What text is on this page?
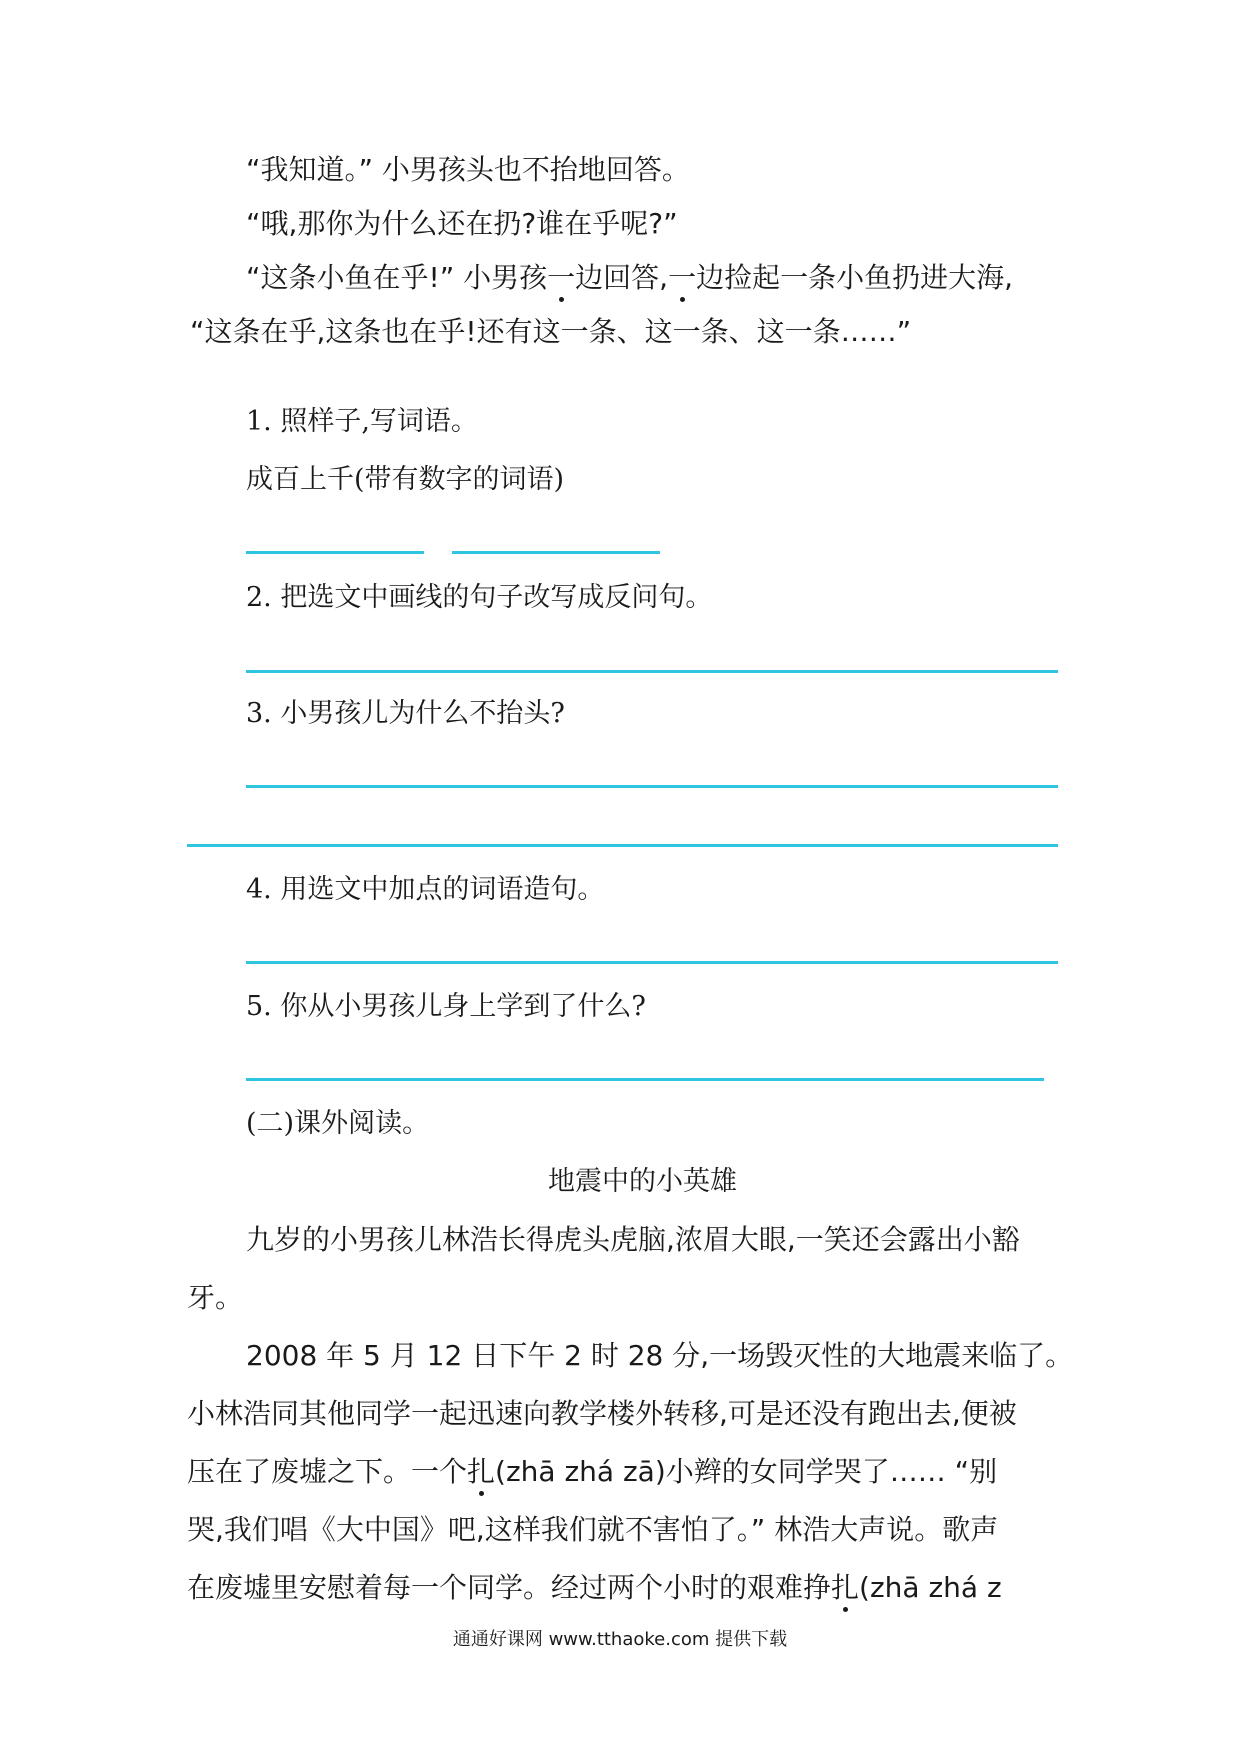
“我知道。” 小男孩头也不抬地回答。
“哦,那你为什么还在扔?谁在乎呢?”
“这条小鱼在乎!” 小男孩一边回答,一边捡起一条小鱼扔进大海,
“这条在乎,这条也在乎!还有这一条、这一条、这一条……”
1. 照样子,写词语。
成百上千(带有数字的词语)
2. 把选文中画线的句子改写成反问句。
3. 小男孩儿为什么不抬头?
4. 用选文中加点的词语造句。
5. 你从小男孩儿身上学到了什么?
(二)课外阅读。
地震中的小英雄
九岁的小男孩儿林浩长得虎头虎脑,浓眉大眼,一笑还会露出小豁
牙。
2008 年 5 月 12 日下午 2 时 28 分,一场毁灭性的大地震来临了。
小林浩同其他同学一起迅速向教学楼外转移,可是还没有跑出去,便被
压在了废墟之下。一个扎(zhā zhá zā)小辫的女同学哭了…… “别
哭,我们唱《大中国》吧,这样我们就不害怕了。” 林浩大声说。歌声
在废墟里安慰着每一个同学。经过两个小时的艰难挣扎(zhā zhá z
通通好课网 www.tthaoke.com 提供下载
